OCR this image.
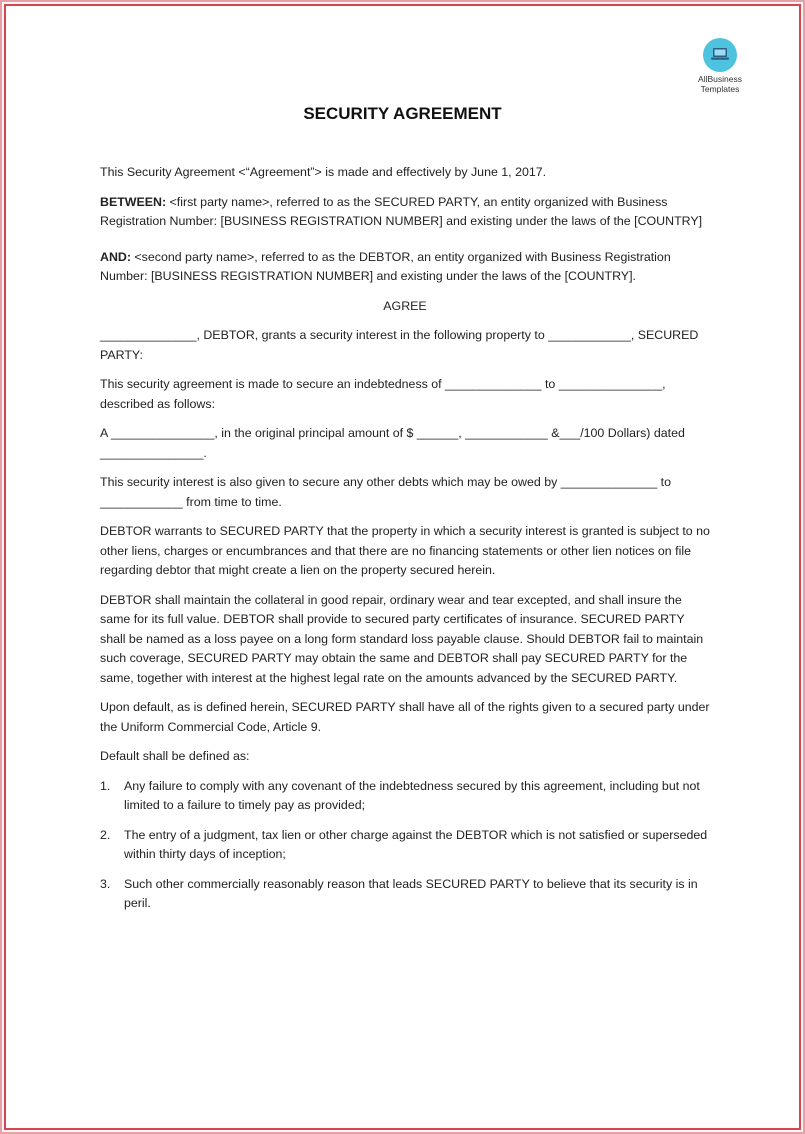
AllBusiness
Templates
SECURITY AGREEMENT

This Security Agreement <“Agreement”> is made and effectively by June 1, 2017.

BETWEEN: <first party name>, referred to as the SECURED PARTY, an entity organized with Business Registration Number: [BUSINESS REGISTRATION NUMBER] and existing under the laws of the [COUNTRY]

AND: <second party name>, referred to as the DEBTOR, an entity organized with Business Registration Number: [BUSINESS REGISTRATION NUMBER] and existing under the laws of the [COUNTRY].

AGREE

______________, DEBTOR, grants a security interest in the following property to ____________, SECURED PARTY:

This security agreement is made to secure an indebtedness of ______________ to _______________, described as follows:

A _______________, in the original principal amount of $ ______, ____________ &___/100 Dollars) dated _______________.

This security interest is also given to secure any other debts which may be owed by ______________ to ____________ from time to time.

DEBTOR warrants to SECURED PARTY that the property in which a security interest is granted is subject to no other liens, charges or encumbrances and that there are no financing statements or other lien notices on file regarding debtor that might create a lien on the property secured herein.

DEBTOR shall maintain the collateral in good repair, ordinary wear and tear excepted, and shall insure the same for its full value. DEBTOR shall provide to secured party certificates of insurance. SECURED PARTY shall be named as a loss payee on a long form standard loss payable clause. Should DEBTOR fail to maintain such coverage, SECURED PARTY may obtain the same and DEBTOR shall pay SECURED PARTY for the same, together with interest at the highest legal rate on the amounts advanced by the SECURED PARTY.

Upon default, as is defined herein, SECURED PARTY shall have all of the rights given to a secured party under the Uniform Commercial Code, Article 9.

Default shall be defined as:

1.	Any failure to comply with any covenant of the indebtedness secured by this agreement, including but not limited to a failure to timely pay as provided;
2.	The entry of a judgment, tax lien or other charge against the DEBTOR which is not satisfied or superseded within thirty days of inception;
3.	Such other commercially reasonably reason that leads SECURED PARTY to believe that its security is in peril.
